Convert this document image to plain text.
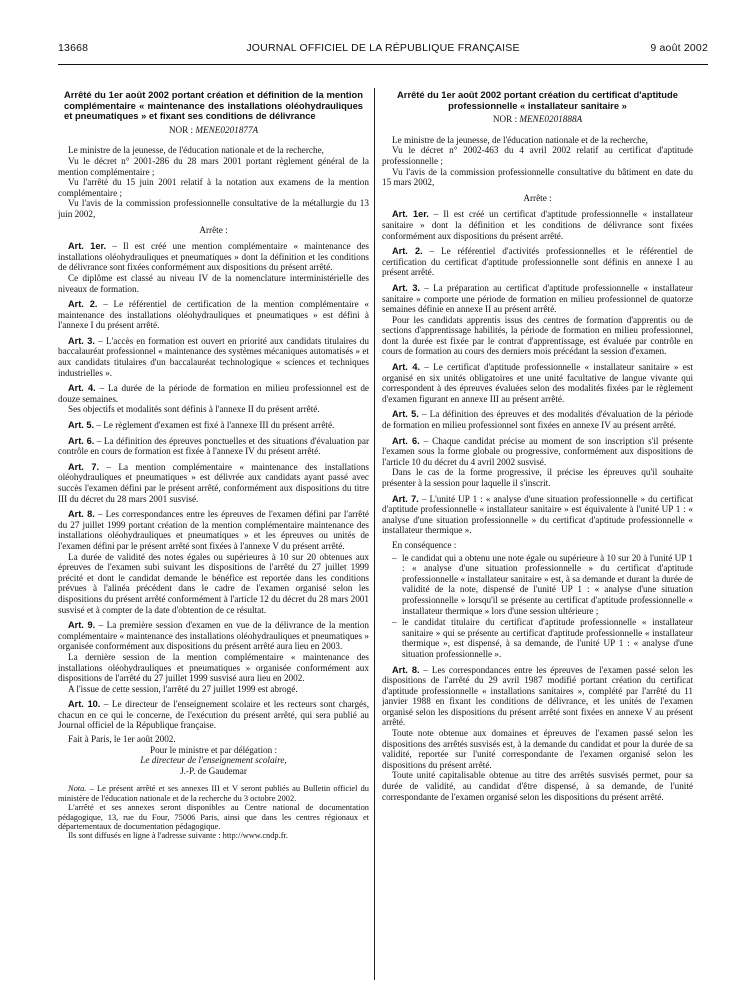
13668	JOURNAL OFFICIEL DE LA RÉPUBLIQUE FRANÇAISE	9 août 2002
Arrêté du 1er août 2002 portant création et définition de la mention complémentaire « maintenance des installations oléohydrauliques et pneumatiques » et fixant ses conditions de délivrance
NOR : MENE0201877A

Le ministre de la jeunesse, de l'éducation nationale et de la recherche,

Vu le décret n° 2001-286 du 28 mars 2001 portant règlement général de la mention complémentaire ;

Vu l'arrêté du 15 juin 2001 relatif à la notation aux examens de la mention complémentaire ;

Vu l'avis de la commission professionnelle consultative de la métallurgie du 13 juin 2002,

Arrête :

Art. 1er. – Il est créé une mention complémentaire « maintenance des installations oléohydrauliques et pneumatiques » dont la définition et les conditions de délivrance sont fixées conformément aux dispositions du présent arrêté.

Ce diplôme est classé au niveau IV de la nomenclature interministérielle des niveaux de formation.

Art. 2. – Le référentiel de certification de la mention complémentaire « maintenance des installations oléohydrauliques et pneumatiques » est défini à l'annexe I du présent arrêté.

Art. 3. – L'accès en formation est ouvert en priorité aux candidats titulaires du baccalauréat professionnel « maintenance des systèmes mécaniques automatisés » et aux candidats titulaires d'un baccalauréat technologique « sciences et techniques industrielles ».

Art. 4. – La durée de la période de formation en milieu professionnel est de douze semaines.

Ses objectifs et modalités sont définis à l'annexe II du présent arrêté.

Art. 5. – Le règlement d'examen est fixé à l'annexe III du présent arrêté.

Art. 6. – La définition des épreuves ponctuelles et des situations d'évaluation par contrôle en cours de formation est fixée à l'annexe IV du présent arrêté.

Art. 7. – La mention complémentaire « maintenance des installations oléohydrauliques et pneumatiques » est délivrée aux candidats ayant passé avec succès l'examen défini par le présent arrêté, conformément aux dispositions du titre III du décret du 28 mars 2001 susvisé.

Art. 8. – Les correspondances entre les épreuves de l'examen défini par l'arrêté du 27 juillet 1999 portant création de la mention complémentaire maintenance des installations oléohydrauliques et pneumatiques » et les épreuves ou unités de l'examen défini par le présent arrêté sont fixées à l'annexe V du présent arrêté.

La durée de validité des notes égales ou supérieures à 10 sur 20 obtenues aux épreuves de l'examen subi suivant les dispositions de l'arrêté du 27 juillet 1999 précité et dont le candidat demande le bénéfice est reportée dans les conditions prévues à l'alinéa précédent dans le cadre de l'examen organisé selon les dispositions du présent arrêté conformément à l'article 12 du décret du 28 mars 2001 susvisé et à compter de la date d'obtention de ce résultat.

Art. 9. – La première session d'examen en vue de la délivrance de la mention complémentaire « maintenance des installations oléohydrauliques et pneumatiques » organisée conformément aux dispositions du présent arrêté aura lieu en 2003.

La dernière session de la mention complémentaire « maintenance des installations oléohydrauliques et pneumatiques » organisée conformément aux dispositions de l'arrêté du 27 juillet 1999 susvisé aura lieu en 2002.

A l'issue de cette session, l'arrêté du 27 juillet 1999 est abrogé.

Art. 10. – Le directeur de l'enseignement scolaire et les recteurs sont chargés, chacun en ce qui le concerne, de l'exécution du présent arrêté, qui sera publié au Journal officiel de la République française.

Fait à Paris, le 1er août 2002.

Pour le ministre et par délégation :

Le directeur de l'enseignement scolaire,

J.-P. de Gaudemar

Nota. – Le présent arrêté et ses annexes III et V seront publiés au Bulletin officiel du ministère de l'éducation nationale et de la recherche du 3 octobre 2002.

L'arrêté et ses annexes seront disponibles au Centre national de documentation pédagogique, 13, rue du Four, 75006 Paris, ainsi que dans les centres régionaux et départementaux de documentation pédagogique.

Ils sont diffusés en ligne à l'adresse suivante : http://www.cndp.fr.

Arrêté du 1er août 2002 portant création du certificat d'aptitude professionnelle « installateur sanitaire »
NOR : MENE0201888A

Le ministre de la jeunesse, de l'éducation nationale et de la recherche,

Vu le décret n° 2002-463 du 4 avril 2002 relatif au certificat d'aptitude professionnelle ;

Vu l'avis de la commission professionnelle consultative du bâtiment en date du 15 mars 2002,

Arrête :

Art. 1er. – Il est créé un certificat d'aptitude professionnelle « installateur sanitaire » dont la définition et les conditions de délivrance sont fixées conformément aux dispositions du présent arrêté.

Art. 2. – Le référentiel d'activités professionnelles et le référentiel de certification du certificat d'aptitude professionnelle sont définis en annexe I au présent arrêté.

Art. 3. – La préparation au certificat d'aptitude professionnelle « installateur sanitaire » comporte une période de formation en milieu professionnel de quatorze semaines définie en annexe II au présent arrêté.

Pour les candidats apprentis issus des centres de formation d'apprentis ou de sections d'apprentissage habilités, la période de formation en milieu professionnel, dont la durée est fixée par le contrat d'apprentissage, est évaluée par contrôle en cours de formation au cours des derniers mois précédant la session d'examen.

Art. 4. – Le certificat d'aptitude professionnelle « installateur sanitaire » est organisé en six unités obligatoires et une unité facultative de langue vivante qui correspondent à des épreuves évaluées selon des modalités fixées par le règlement d'examen figurant en annexe III au présent arrêté.

Art. 5. – La définition des épreuves et des modalités d'évaluation de la période de formation en milieu professionnel sont fixées en annexe IV au présent arrêté.

Art. 6. – Chaque candidat précise au moment de son inscription s'il présente l'examen sous la forme globale ou progressive, conformément aux dispositions de l'article 10 du décret du 4 avril 2002 susvisé.

Dans le cas de la forme progressive, il précise les épreuves qu'il souhaite présenter à la session pour laquelle il s'inscrit.

Art. 7. – L'unité UP 1 : « analyse d'une situation professionnelle » du certificat d'aptitude professionnelle « installateur sanitaire » est équivalente à l'unité UP 1 : « analyse d'une situation professionnelle » du certificat d'aptitude professionnelle « installateur thermique ».

En conséquence :

– le candidat qui a obtenu une note égale ou supérieure à 10 sur 20 à l'unité UP 1 : « analyse d'une situation professionnelle » du certificat d'aptitude professionnelle « installateur sanitaire » est, à sa demande et durant la durée de validité de la note, dispensé de l'unité UP 1 : « analyse d'une situation professionnelle » lorsqu'il se présente au certificat d'aptitude professionnelle « installateur thermique » lors d'une session ultérieure ;
– le candidat titulaire du certificat d'aptitude professionnelle « installateur sanitaire » qui se présente au certificat d'aptitude professionnelle « installateur thermique », est dispensé, à sa demande, de l'unité UP 1 : « analyse d'une situation professionnelle ».

Art. 8. – Les correspondances entre les épreuves de l'examen passé selon les dispositions de l'arrêté du 29 avril 1987 modifié portant création du certificat d'aptitude professionnelle « installations sanitaires », complété par l'arrêté du 11 janvier 1988 en fixant les conditions de délivrance, et les unités de l'examen organisé selon les dispositions du présent arrêté sont fixées en annexe V au présent arrêté.

Toute note obtenue aux domaines et épreuves de l'examen passé selon les dispositions des arrêtés susvisés est, à la demande du candidat et pour la durée de sa validité, reportée sur l'unité correspondante de l'examen organisé selon les dispositions du présent arrêté.

Toute unité capitalisable obtenue au titre des arrêtés susvisés permet, pour sa durée de validité, au candidat d'être dispensé, à sa demande, de l'unité correspondante de l'examen organisé selon les dispositions du présent arrêté.
